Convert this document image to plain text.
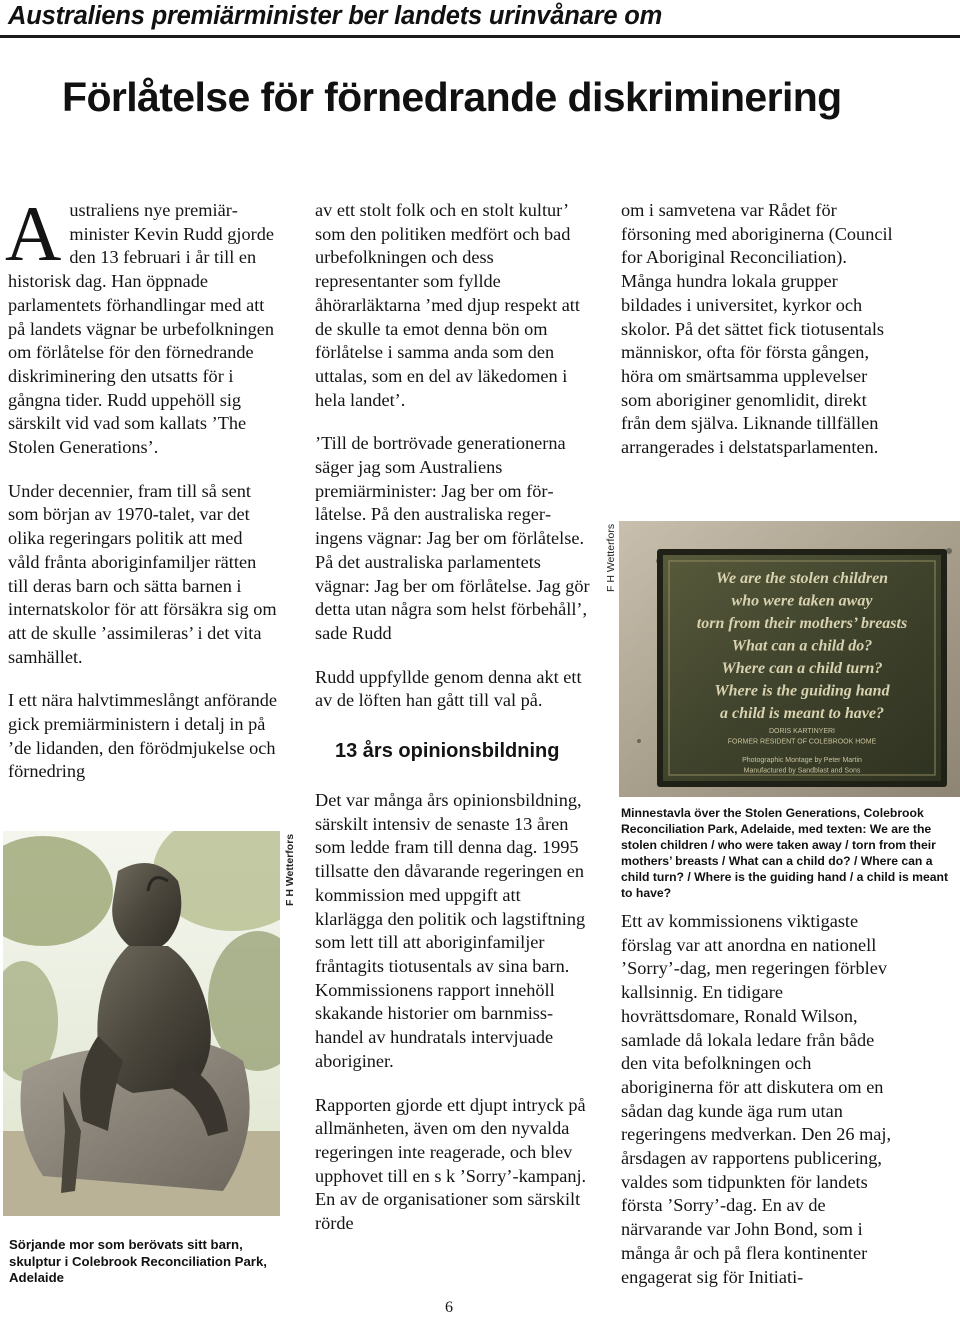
Australiens premiärminister ber landets urinvånare om
Förlåtelse för förnedrande diskriminering

Australiens nye premiärminister Kevin Rudd gjorde den 13 februari i år till en historisk dag. Han öppnade parlamentets förhandlingar med att på landets vägnar be urbefolkningen om förlåtelse för den förnedrande diskriminering den utsatts för i gångna tider. Rudd uppehöll sig särskilt vid vad som kallats ’The Stolen Generations’.

Under decennier, fram till så sent som början av 1970-talet, var det olika regeringars politik att med våld frånta aboriginfamiljer rätten till deras barn och sätta barnen i internatskolor för att försäkra sig om att de skulle ’assimileras’ i det vita samhället.

I ett nära halvtimmeslångt anförande gick premiärministern i detalj in på ’de lidanden, den förödmjukelse och förnedring

av ett stolt folk och en stolt kultur’ som den politiken medfört och bad urbefolkningen och dess representanter som fyllde åhörarläktarna ’med djup respekt att de skulle ta emot denna bön om förlåtelse i samma anda som den uttalas, som en del av läkedomen i hela landet’.

’Till de bortrövade generationerna säger jag som Australiens premiärminister: Jag ber om förlåtelse. På den australiska regeringens vägnar: Jag ber om förlåtelse. På det australiska parlamentets vägnar: Jag ber om förlåtelse. Jag gör detta utan några som helst förbehåll’, sade Rudd

Rudd uppfyllde genom denna akt ett av de löften han gått till val på.

13 års opinionsbildning

Det var många års opinionsbildning, särskilt intensiv de senaste 13 åren som ledde fram till denna dag. 1995 tillsatte den dåvarande regeringen en kommission med uppgift att klarlägga den politik och lagstiftning som lett till att aboriginfamiljer fråntagits tiotusentals av sina barn. Kommissionens rapport innehöll skakande historier om barnmisshandel av hundratals intervjuade aboriginer.

Rapporten gjorde ett djupt intryck på allmänheten, även om den nyvalda regeringen inte reagerade, och blev upphovet till en s k ’Sorry’-kampanj. En av de organisationer som särskilt rörde

om i samvetena var Rådet för försoning med aboriginerna (Council for Aboriginal Reconciliation). Många hundra lokala grupper bildades i universitet, kyrkor och skolor. På det sättet fick tiotusentals människor, ofta för första gången, höra om smärtsamma upplevelser som aboriginer genomlidit, direkt från dem själva. Liknande tillfällen arrangerades i delstatsparlamenten.

F H Wetterfors
Sörjande mor som berövats sitt barn, skulptur i Colebrook Reconciliation Park, Adelaide
We are the stolen children
who were taken away
torn from their mothers’ breasts
What can a child do?
Where can a child turn?
Where is the guiding hand
a child is meant to have?
DORIS KARTINYERI
FORMER RESIDENT OF COLEBROOK HOME
Photographic Montage by Peter Martin
Manufactured by Sandblast and Sons
F H Wetterfors
Minnestavla över the Stolen Generations, Colebrook Reconciliation Park, Adelaide, med texten: We are the stolen children / who were taken away / torn from their mothers’ breasts / What can a child do? / Where can a child turn? / Where is the guiding hand / a child is meant to have?

Ett av kommissionens viktigaste förslag var att anordna en nationell ’Sorry’-dag, men regeringen förblev kallsinnig. En tidigare hovrättsdomare, Ronald Wilson, samlade då lokala ledare från både den vita befolkningen och aboriginerna för att diskutera om en sådan dag kunde äga rum utan regeringens medverkan. Den 26 maj, årsdagen av rapportens publicering, valdes som tidpunkten för landets första ’Sorry’-dag. En av de närvarande var John Bond, som i många år och på flera kontinenter engagerat sig för Initiati-

6
